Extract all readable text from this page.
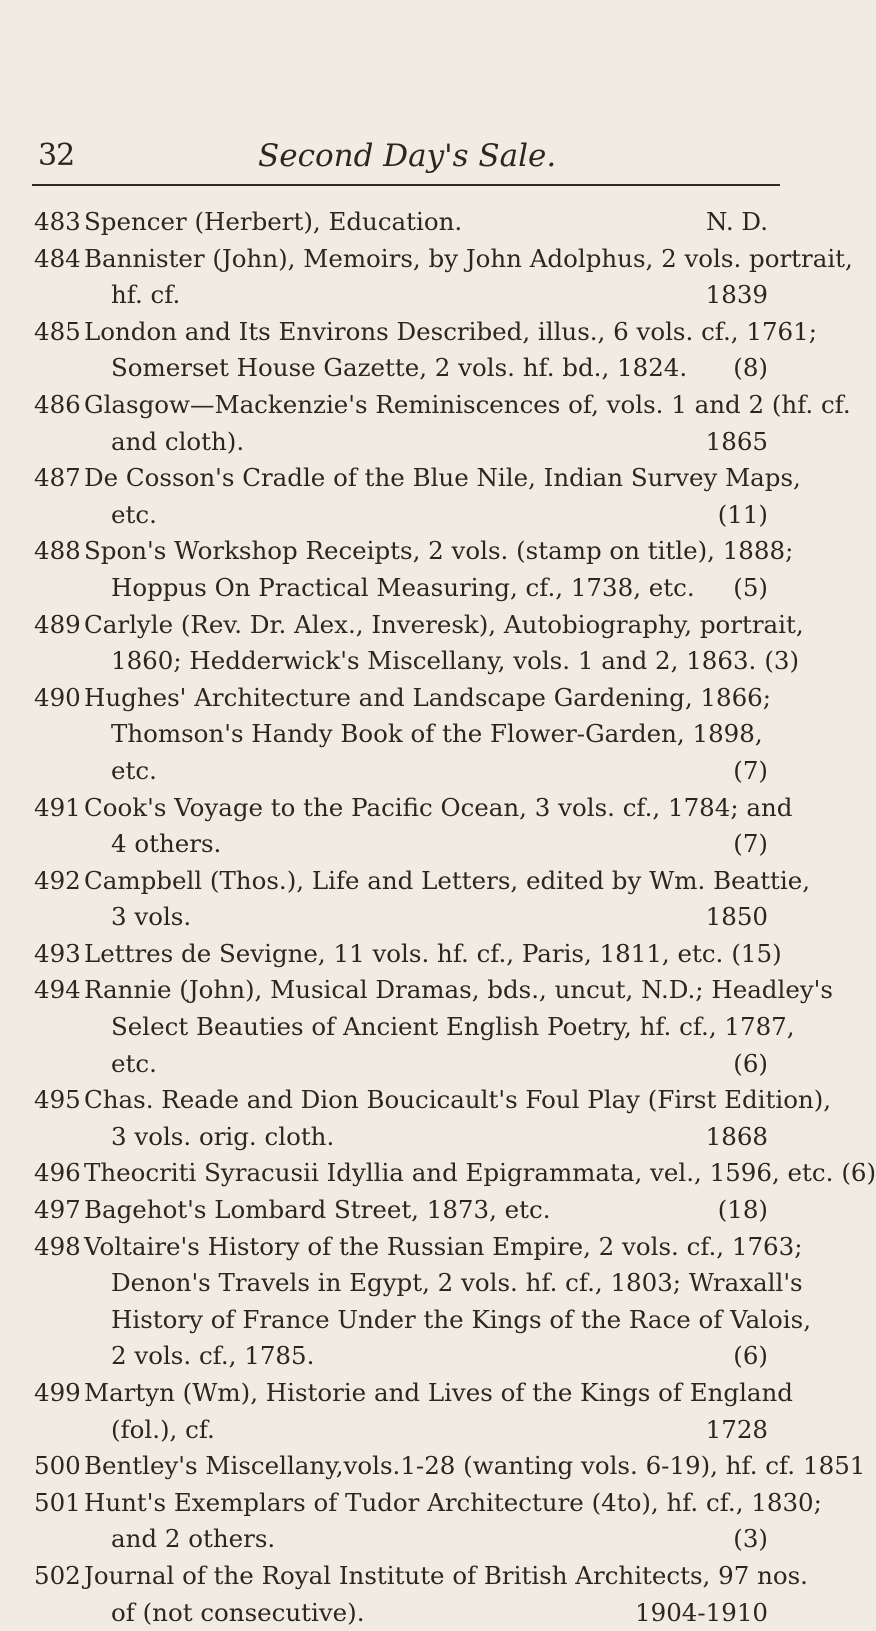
32	Second Day's Sale.
483 Spencer (Herbert), Education.	N. D.
484 Bannister (John), Memoirs, by John Adolphus, 2 vols. portrait,
hf. cf.	1839
485 London and Its Environs Described, illus., 6 vols. cf., 1761;
Somerset House Gazette, 2 vols. hf. bd., 1824.	(8)
486 Glasgow—Mackenzie's Reminiscences of, vols. 1 and 2 (hf. cf.
and cloth).	1865
487 De Cosson's Cradle of the Blue Nile, Indian Survey Maps,
etc.	(11)
488 Spon's Workshop Receipts, 2 vols. (stamp on title), 1888;
Hoppus On Practical Measuring, cf., 1738, etc.	(5)
489 Carlyle (Rev. Dr. Alex., Inveresk), Autobiography, portrait,
1860; Hedderwick's Miscellany, vols. 1 and 2, 1863. (3)
490 Hughes' Architecture and Landscape Gardening, 1866;
Thomson's Handy Book of the Flower-Garden, 1898,
etc.	(7)
491 Cook's Voyage to the Pacific Ocean, 3 vols. cf., 1784; and
4 others.	(7)
492 Campbell (Thos.), Life and Letters, edited by Wm. Beattie,
3 vols.	1850
493 Lettres de Sevigne, 11 vols. hf. cf., Paris, 1811, etc. (15)
494 Rannie (John), Musical Dramas, bds., uncut, N.D.; Headley's
Select Beauties of Ancient English Poetry, hf. cf., 1787,
etc.	(6)
495 Chas. Reade and Dion Boucicault's Foul Play (First Edition),
3 vols. orig. cloth.	1868
496 Theocriti Syracusii Idyllia and Epigrammata, vel., 1596, etc. (6)
497 Bagehot's Lombard Street, 1873, etc.	(18)
498 Voltaire's History of the Russian Empire, 2 vols. cf., 1763;
Denon's Travels in Egypt, 2 vols. hf. cf., 1803; Wraxall's
History of France Under the Kings of the Race of Valois,
2 vols. cf., 1785.	(6)
499 Martyn (Wm), Historie and Lives of the Kings of England
(fol.), cf.	1728
500 Bentley's Miscellany,vols.1-28 (wanting vols. 6-19), hf. cf. 1851
501 Hunt's Exemplars of Tudor Architecture (4to), hf. cf., 1830;
and 2 others.	(3)
502 Journal of the Royal Institute of British Architects, 97 nos.
of (not consecutive).	1904-1910
